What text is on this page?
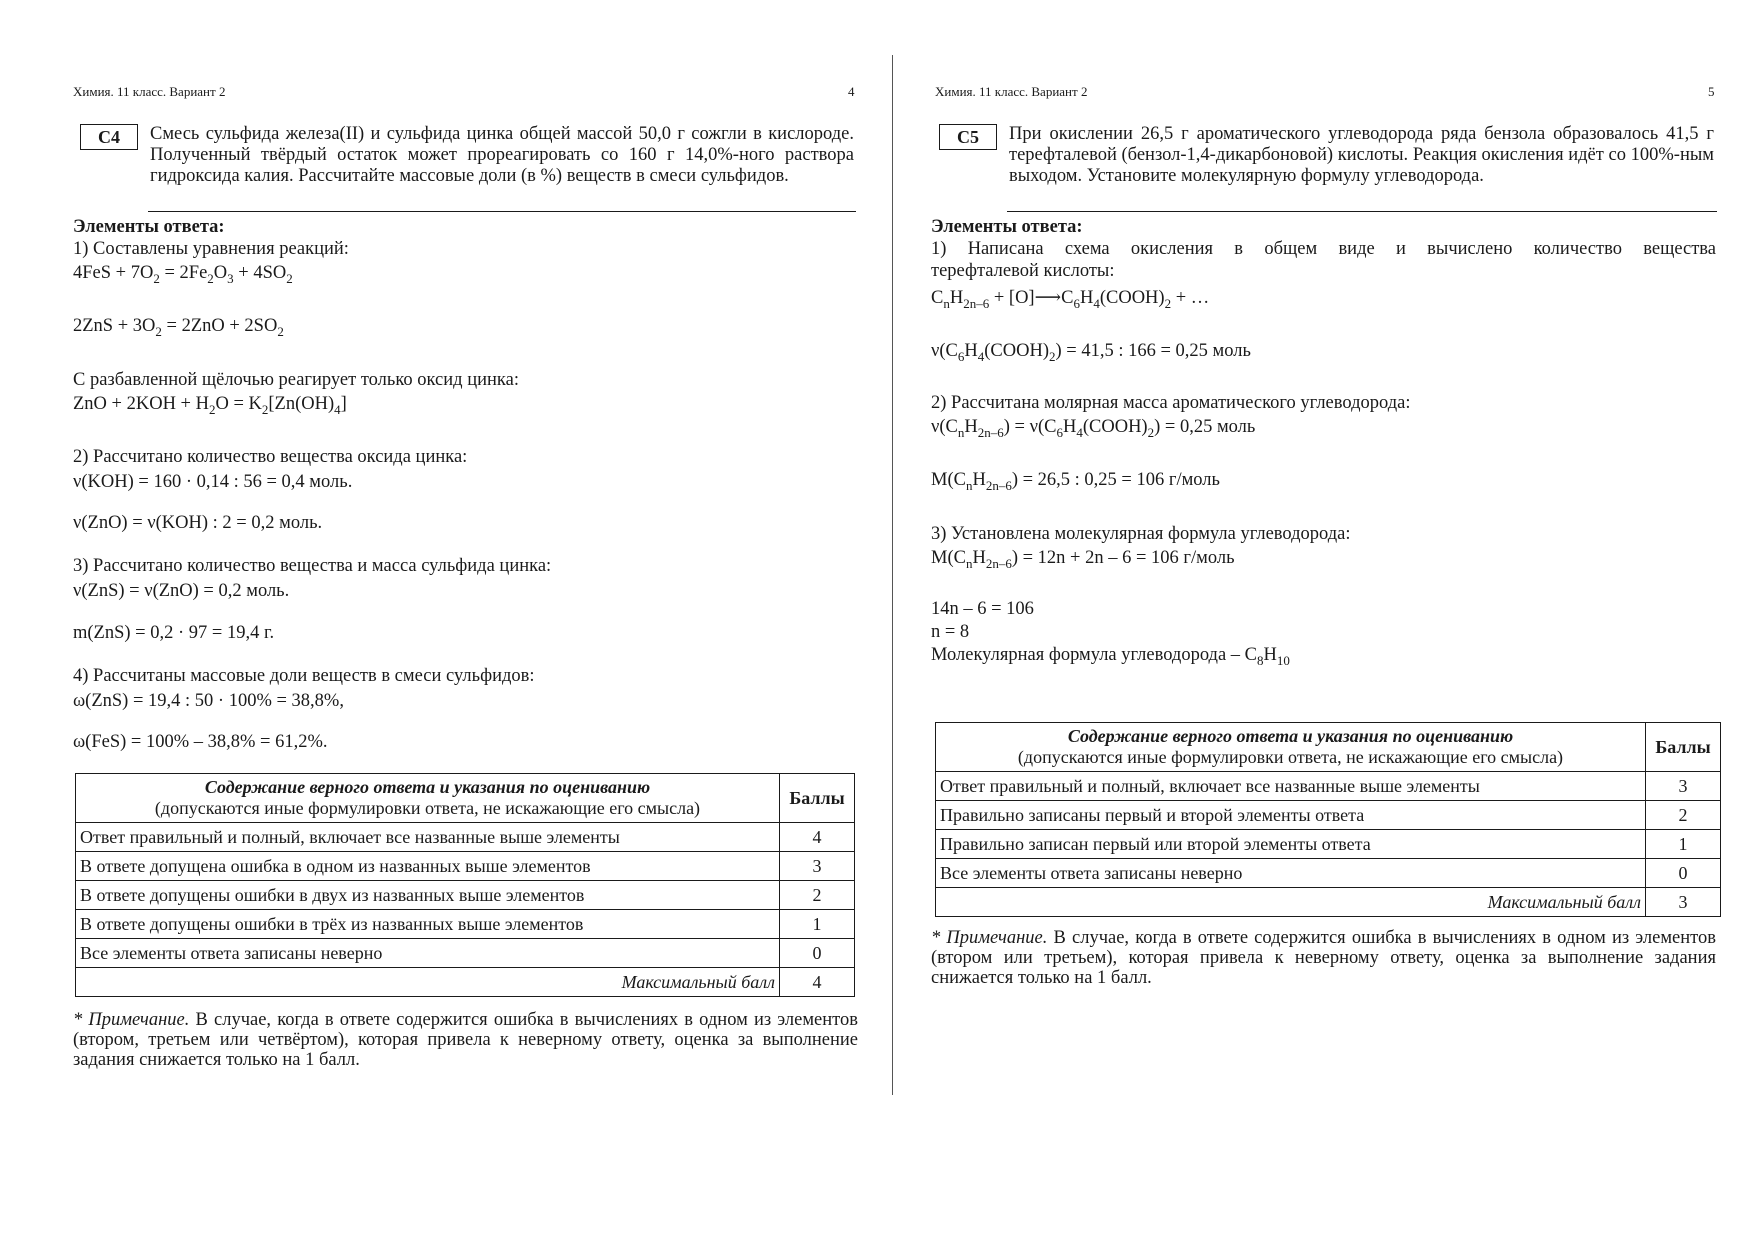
Химия. 11 класс. Вариант 2	4
C4	Смесь сульфида железа(II) и сульфида цинка общей массой 50,0 г сожгли в кислороде. Полученный твёрдый остаток может прореагировать со 160 г 14,0%-ного раствора гидроксида калия. Рассчитайте массовые доли (в %) веществ в смеси сульфидов.
Элементы ответа:
1) Составлены уравнения реакций:
$4FeS + 7O_2 = 2Fe_2O_3 + 4SO_2$
$2ZnS + 3O_2 = 2ZnO + 2SO_2$
С разбавленной щёлочью реагирует только оксид цинка:
ZnO + $2KOH + H_2O = K_2[Zn(OH)_4]$
2) Рассчитано количество вещества оксида цинка:
ν(KOH) = 160 · 0,14 : 56 = 0,4 моль.
ν(ZnO) = ν(KOH) : 2 = 0,2 моль.
3) Рассчитано количество вещества и масса сульфида цинка:
ν(ZnS) = ν(ZnO) = 0,2 моль.
m(ZnS) = 0,2 · 97 = 19,4 г.
4) Рассчитаны массовые доли веществ в смеси сульфидов:
ω(ZnS) = 19,4 : 50 · 100% = 38,8%,
ω(FeS) = 100% – 38,8% = 61,2%.
Содержание верного ответа и указания по оцениванию
(допускаются иные формулировки ответа, не искажающие его смысла)	Баллы
Ответ правильный и полный, включает все названные выше элементы	4
В ответе допущена ошибка в одном из названных выше элементов	3
В ответе допущены ошибки в двух из названных выше элементов	2
В ответе допущены ошибки в трёх из названных выше элементов	1
Все элементы ответа записаны неверно	0
Максимальный балл	4
* Примечание. В случае, когда в ответе содержится ошибка в вычислениях в одном из элементов (втором, третьем или четвёртом), которая привела к неверному ответу, оценка за выполнение задания снижается только на 1 балл.
Химия. 11 класс. Вариант 2	5
C5	При окислении 26,5 г ароматического углеводорода ряда бензола образовалось 41,5 г терефталевой (бензол-1,4-дикарбоновой) кислоты. Реакция окисления идёт со 100%-ным выходом. Установите молекулярную формулу углеводорода.
Элементы ответа:
1) Написана схема окисления в общем виде и вычислено количество вещества
терефталевой кислоты:
$C_nH_{2n-6}$ + $[O]⟶C_6H_4(COOH)_2$ + …
$\nu(C_6H_4(COOH)_2) = 41,5$ : 166 = 0,25 моль
2) Рассчитана молярная масса ароматического углеводорода:
$\nu(C_nH_{2n-6})$ = $\nu(C_6H_4(COOH)_2) = 0,25$ моль
$M(C_nH_{2n-6}) = 26,5$ : 0,25 = 106 г/моль
3) Установлена молекулярная формула углеводорода:
$M(C_nH_{2n-6}) = 12n + 2n - 6 = 106$ г/моль
14n – 6 = 106
n = 8
Молекулярная формула углеводорода – $C_8H_{10}$
Содержание верного ответа и указания по оцениванию
(допускаются иные формулировки ответа, не искажающие его смысла)	Баллы
Ответ правильный и полный, включает все названные выше элементы	3
Правильно записаны первый и второй элементы ответа	2
Правильно записан первый или второй элементы ответа	1
Все элементы ответа записаны неверно	0
Максимальный балл	3
* Примечание. В случае, когда в ответе содержится ошибка в вычислениях в одном из элементов (втором или третьем), которая привела к неверному ответу, оценка за выполнение задания снижается только на 1 балл.
